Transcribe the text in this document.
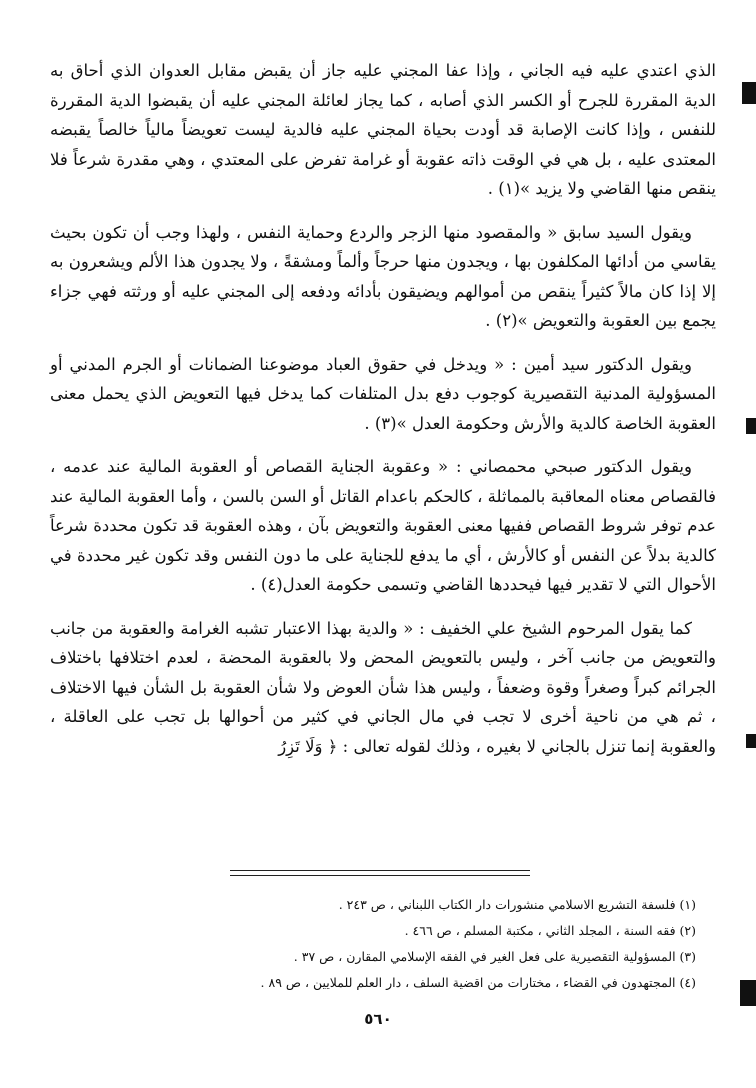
الذي اعتدي عليه فيه الجاني ، وإذا عفا المجني عليه جاز أن يقبض مقابل العدوان الذي أحاق به الدية المقررة للجرح أو الكسر الذي أصابه ، كما يجاز لعائلة المجني عليه أن يقبضوا الدية المقررة للنفس ، وإذا كانت الإصابة قد أودت بحياة المجني عليه فالدية ليست تعويضاً مالياً خالصاً يقبضه المعتدى عليه ، بل هي في الوقت ذاته عقوبة أو غرامة تفرض على المعتدي ، وهي مقدرة شرعاً فلا ينقص منها القاضي ولا يزيد »(١) .

ويقول السيد سابق « والمقصود منها الزجر والردع وحماية النفس ، ولهذا وجب أن تكون بحيث يقاسي من أدائها المكلفون بها ، ويجدون منها حرجاً وألماً ومشقةً ، ولا يجدون هذا الألم ويشعرون به إلا إذا كان مالاً كثيراً ينقص من أموالهم ويضيقون بأدائه ودفعه إلى المجني عليه أو ورثته فهي جزاء يجمع بين العقوبة والتعويض »(٢) .

ويقول الدكتور سيد أمين : « ويدخل في حقوق العباد موضوعنا الضمانات أو الجرم المدني أو المسؤولية المدنية التقصيرية كوجوب دفع بدل المتلفات كما يدخل فيها التعويض الذي يحمل معنى العقوبة الخاصة كالدية والأرش وحكومة العدل »(٣) .

ويقول الدكتور صبحي محمصاني : « وعقوبة الجناية القصاص أو العقوبة المالية عند عدمه ، فالقصاص معناه المعاقبة بالمماثلة ، كالحكم باعدام القاتل أو السن بالسن ، وأما العقوبة المالية عند عدم توفر شروط القصاص ففيها معنى العقوبة والتعويض بآن ، وهذه العقوبة قد تكون محددة شرعاً كالدية بدلاً عن النفس أو كالأرش ، أي ما يدفع للجناية على ما دون النفس وقد تكون غير محددة في الأحوال التي لا تقدير فيها فيحددها القاضي وتسمى حكومة العدل(٤) .

كما يقول المرحوم الشيخ علي الخفيف : « والدية بهذا الاعتبار تشبه الغرامة والعقوبة من جانب والتعويض من جانب آخر ، وليس بالتعويض المحض ولا بالعقوبة المحضة ، لعدم اختلافها باختلاف الجرائم كبراً وصغراً وقوة وضعفاً ، وليس هذا شأن العوض ولا شأن العقوبة بل الشأن فيها الاختلاف ، ثم هي من ناحية أخرى لا تجب في مال الجاني في كثير من أحوالها بل تجب على العاقلة ، والعقوبة إنما تنزل بالجاني لا بغيره ، وذلك لقوله تعالى : ﴿ وَلَا تَزِرُ

(١) فلسفة التشريع الاسلامي منشورات دار الكتاب اللبناني ، ص ٢٤٣ .
(٢) فقه السنة ، المجلد الثاني ، مكتبة المسلم ، ص ٤٦٦ .
(٣) المسؤولية التقصيرية على فعل الغير في الفقه الإسلامي المقارن ، ص ٣٧ .
(٤) المجتهدون في القضاء ، مختارات من اقضية السلف ، دار العلم للملايين ، ص ٨٩ .
٥٦٠
